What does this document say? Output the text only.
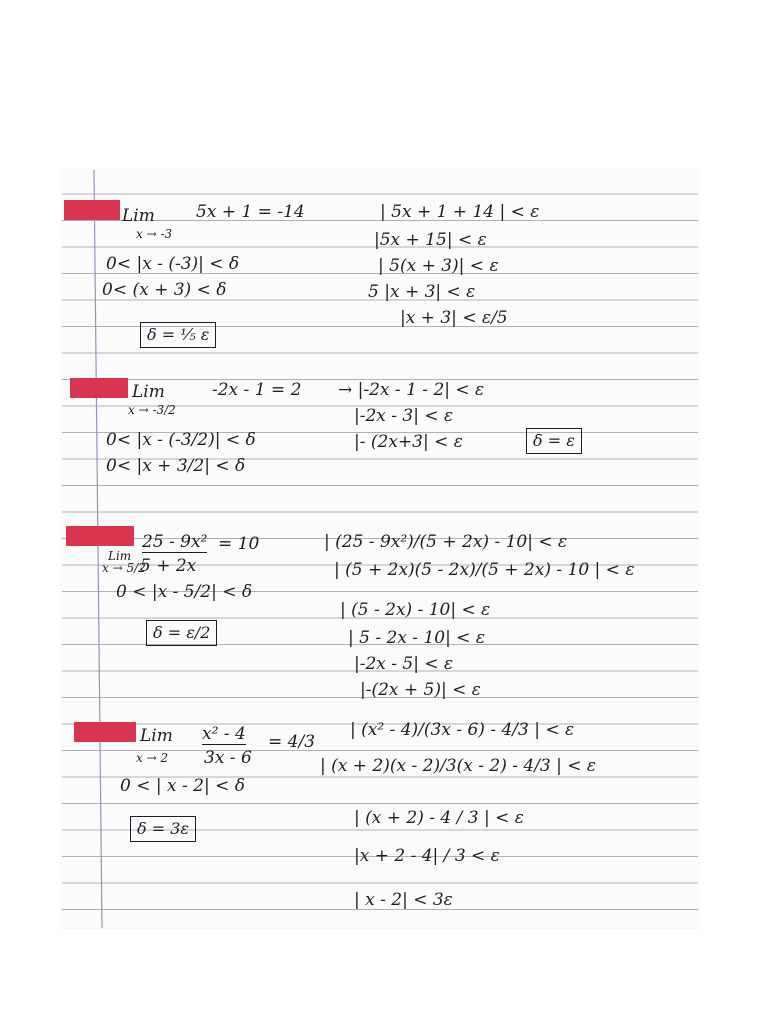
Lim
x → -3
5x + 1 = -14
0< |x - (-3)| < δ
0< (x + 3) < δ
δ = ⅕ ε
| 5x + 1 + 14 | < ε
|5x + 15| < ε
| 5(x + 3)| < ε
5 |x + 3| < ε
|x + 3| < ε/5
Lim
x → -3/2
-2x - 1 = 2
0< |x - (-3/2)| < δ
0< |x + 3/2| < δ
→ |-2x - 1 - 2| < ε
|-2x - 3| < ε
|- (2x+3| < ε	δ = ε
Lim
x → 5/2
25 - 9x²
5 + 2x
= 10
0 < |x - 5/2| < δ
δ = ε/2
| (25 - 9x²)/(5 + 2x) - 10| < ε
| (5 + 2x)(5 - 2x)/(5 + 2x) - 10 | < ε
| (5 - 2x) - 10| < ε
| 5 - 2x - 10| < ε
|-2x - 5| < ε
|-(2x + 5)| < ε
Lim
x → 2
x² - 4
3x - 6
= 4/3
0 < | x - 2| < δ
δ = 3ε
| (x² - 4)/(3x - 6) - 4/3 | < ε
| (x + 2)(x - 2)/3(x - 2) - 4/3 | < ε
| (x + 2) - 4 / 3 | < ε
|x + 2 - 4| / 3 < ε
| x - 2| < 3ε
